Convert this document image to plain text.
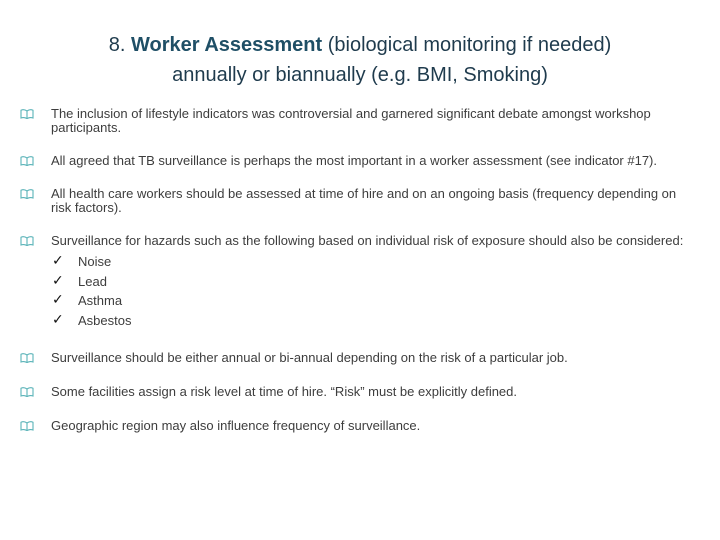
8. Worker Assessment (biological monitoring if needed)
annually or biannually (e.g. BMI, Smoking)
The inclusion of lifestyle indicators was controversial and garnered significant debate amongst workshop participants.
All agreed that TB surveillance is perhaps the most important in a worker assessment (see indicator #17).
All health care workers should be assessed at time of hire and on an ongoing basis (frequency depending on risk factors).
Surveillance for hazards such as the following based on individual risk of exposure should also be considered:
✓ Noise
✓ Lead
✓ Asthma
✓ Asbestos
Surveillance should be either annual or bi-annual depending on the risk of a particular job.
Some facilities assign a risk level at time of hire. “Risk” must be explicitly defined.
Geographic region may also influence frequency of surveillance.
